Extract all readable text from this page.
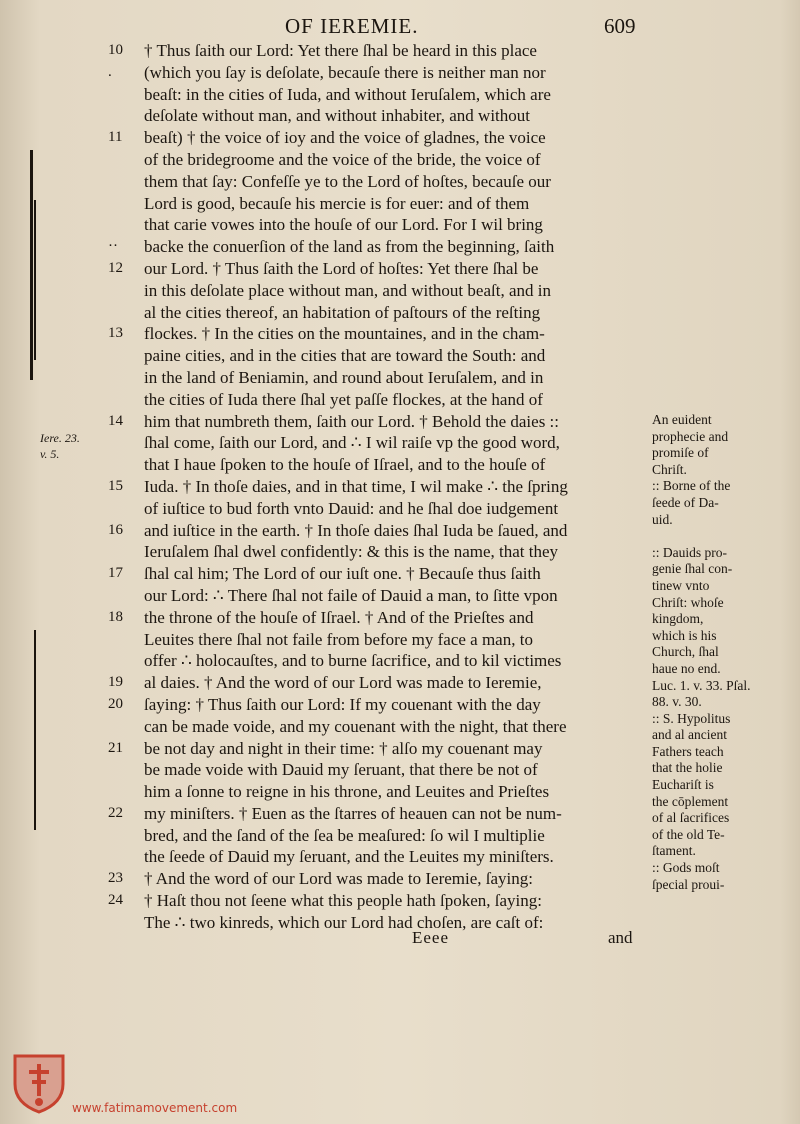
OF IEREMIE.	609
10	† Thus ſaith our Lord: Yet there ſhal be heard in this place
.	(which you ſay is deſolate, becauſe there is neither man nor
beaſt: in the cities of Iuda, and without Ieruſalem, which are
deſolate without man, and without inhabiter, and without
11	beaſt) † the voice of ioy and the voice of gladnes, the voice
of the bridegroome and the voice of the bride, the voice of
them that ſay: Confeſſe ye to the Lord of hoſtes, becauſe our
Lord is good, becauſe his mercie is for euer: and of them
that carie vowes into the houſe of our Lord. For I wil bring
··	backe the conuerſion of the land as from the beginning, ſaith
12	our Lord. † Thus ſaith the Lord of hoſtes: Yet there ſhal be
in this deſolate place without man, and without beaſt, and in
al the cities thereof, an habitation of paſtours of the reſting
13	flockes. † In the cities on the mountaines, and in the cham-
paine cities, and in the cities that are toward the South: and
in the land of Beniamin, and round about Ieruſalem, and in
the cities of Iuda there ſhal yet paſſe flockes, at the hand of
14	him that numbreth them, ſaith our Lord. † Behold the daies ::
ſhal come, ſaith our Lord, and ∴ I wil raiſe vp the good word,
that I haue ſpoken to the houſe of Iſrael, and to the houſe of
15	Iuda. † In thoſe daies, and in that time, I wil make ∴ the ſpring
of iuſtice to bud forth vnto Dauid: and he ſhal doe iudgement
16	and iuſtice in the earth. † In thoſe daies ſhal Iuda be ſaued, and
Ieruſalem ſhal dwel confidently: & this is the name, that they
17	ſhal cal him; The Lord of our iuſt one. † Becauſe thus ſaith
our Lord: ∴ There ſhal not faile of Dauid a man, to ſitte vpon
18	the throne of the houſe of Iſrael. † And of the Prieſtes and
Leuites there ſhal not faile from before my face a man, to
offer ∴ holocauſtes, and to burne ſacrifice, and to kil victimes
19	al daies. † And the word of our Lord was made to Ieremie,
20	ſaying: † Thus ſaith our Lord: If my couenant with the day
can be made voide, and my couenant with the night, that there
21	be not day and night in their time: † alſo my couenant may
be made voide with Dauid my ſeruant, that there be not of
him a ſonne to reigne in his throne, and Leuites and Prieſtes
22	my miniſters. † Euen as the ſtarres of heauen can not be num-
bred, and the ſand of the ſea be meaſured: ſo wil I multiplie
the ſeede of Dauid my ſeruant, and the Leuites my miniſters.
23	† And the word of our Lord was made to Ieremie, ſaying:
24	† Haſt thou not ſeene what this people hath ſpoken, ſaying:
The ∴ two kinreds, which our Lord had choſen, are caſt of:
Iere. 23.
v. 5.
An euident
prophecie and
promiſe of
Chriſt.
:: Borne of the
ſeede of Da-
uid.
:: Dauids pro-
genie ſhal con-
tinew vnto
Chriſt: whoſe
kingdom,
which is his
Church, ſhal
haue no end.
Luc. 1. v. 33. Pſal.
88. v. 30.
:: S. Hypolitus
and al ancient
Fathers teach
that the holie
Euchariſt is
the cōplement
of al ſacrifices
of the old Te-
ſtament.
:: Gods moſt
ſpecial proui-
Eeee	and
www.fatimamovement.com
